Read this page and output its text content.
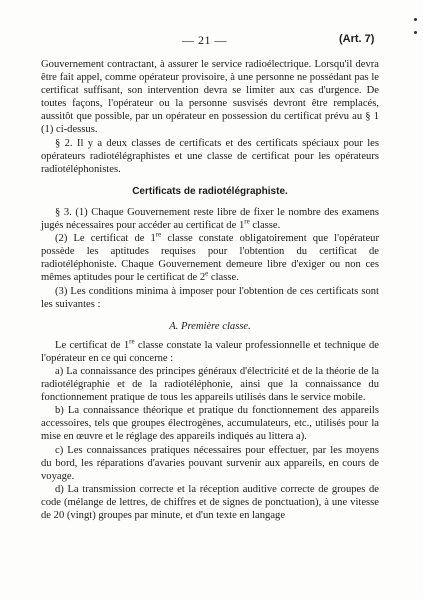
— 21 —	(Art. 7)

Gouvernement contractant, à assurer le service radioélectrique. Lorsqu'il devra être fait appel, comme opérateur provisoire, à une personne ne possédant pas le certificat suffisant, son intervention devra se limiter aux cas d'urgence. De toutes façons, l'opérateur ou la personne susvisés devront être remplacés, aussitôt que possible, par un opérateur en possession du certificat prévu au § 1 (1) ci-dessus.

§ 2. Il y a deux classes de certificats et des certificats spéciaux pour les opérateurs radiotélégraphistes et une classe de certificat pour les opérateurs radiotéléphonistes.

Certificats de radiotélégraphiste.

§ 3. (1) Chaque Gouvernement reste libre de fixer le nombre des examens jugés nécessaires pour accéder au certificat de 1re classe.

(2) Le certificat de 1re classe constate obligatoirement que l'opérateur possède les aptitudes requises pour l'obtention du certificat de radiotéléphoniste. Chaque Gouvernement demeure libre d'exiger ou non ces mêmes aptitudes pour le certificat de 2e classe.

(3) Les conditions minima à imposer pour l'obtention de ces certificats sont les suivantes :

A. Première classe.

Le certificat de 1re classe constate la valeur professionnelle et technique de l'opérateur en ce qui concerne :

a) La connaissance des principes généraux d'électricité et de la théorie de la radiotélégraphie et de la radiotéléphonie, ainsi que la connaissance du fonctionnement pratique de tous les appareils utilisés dans le service mobile.

b) La connaissance théorique et pratique du fonctionnement des appareils accessoires, tels que groupes électrogènes, accumulateurs, etc., utilisés pour la mise en œuvre et le réglage des appareils indiqués au littera a).

c) Les connaissances pratiques nécessaires pour effectuer, par les moyens du bord, les réparations d'avaries pouvant survenir aux appareils, en cours de voyage.

d) La transmission correcte et la réception auditive correcte de groupes de code (mélange de lettres, de chiffres et de signes de ponctuation), à une vitesse de 20 (vingt) groupes par minute, et d'un texte en langage
